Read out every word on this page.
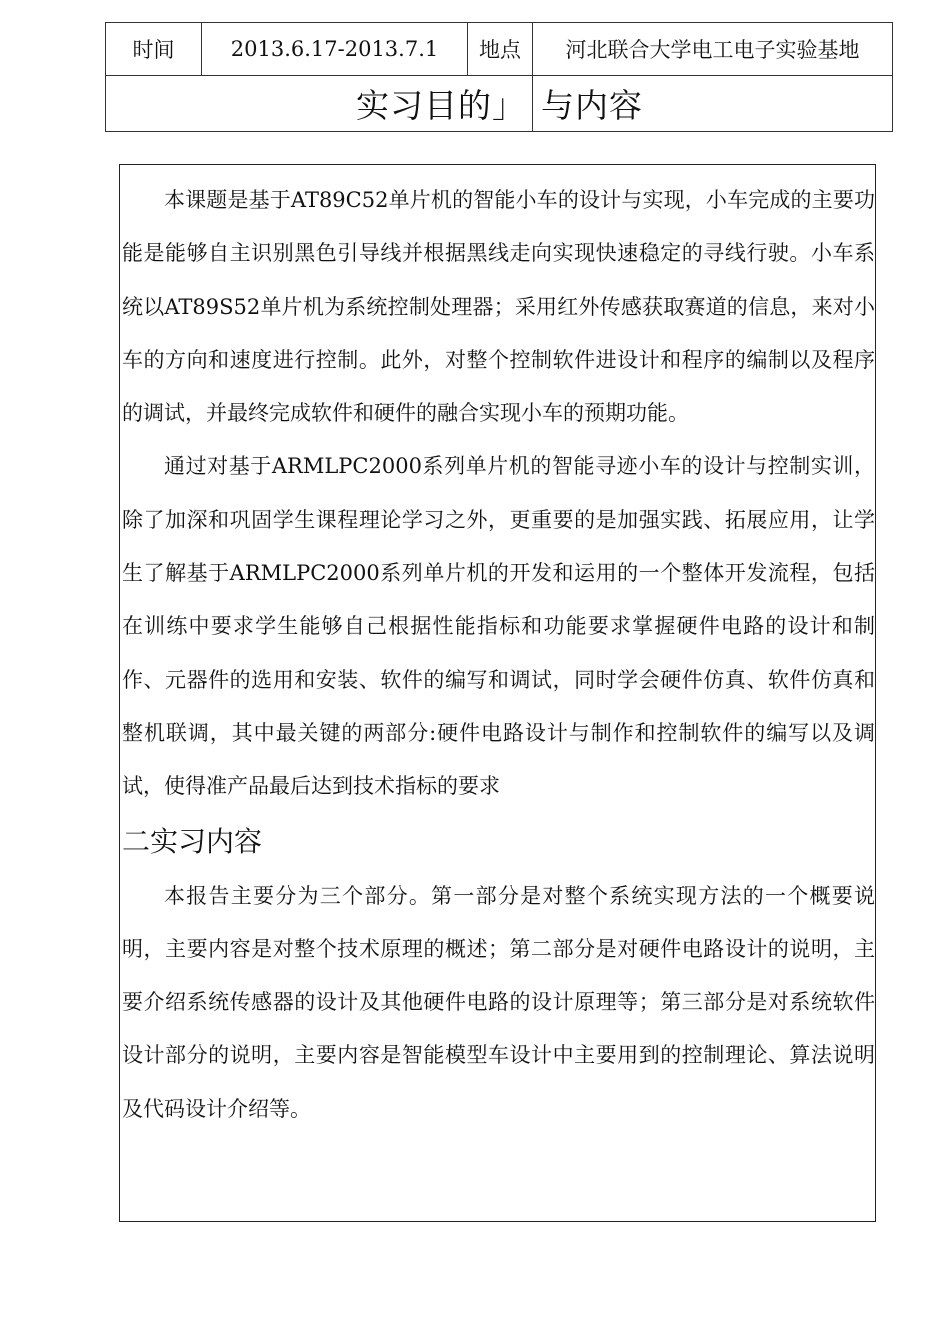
时间	2013.6.17-2013.7.1	地点	河北联合大学电工电子实验基地
实习目的」			与内容

本课题是基于AT89C52单片机的智能小车的设计与实现，小车完成的主要功能是能够自主识别黑色引导线并根据黑线走向实现快速稳定的寻线行驶。小车系统以AT89S52单片机为系统控制处理器；采用红外传感获取赛道的信息，来对小车的方向和速度进行控制。此外，对整个控制软件进设计和程序的编制以及程序的调试，并最终完成软件和硬件的融合实现小车的预期功能。

通过对基于ARMLPC2000系列单片机的智能寻迹小车的设计与控制实训，除了加深和巩固学生课程理论学习之外，更重要的是加强实践、拓展应用，让学生了解基于ARMLPC2000系列单片机的开发和运用的一个整体开发流程，包括在训练中要求学生能够自己根据性能指标和功能要求掌握硬件电路的设计和制作、元器件的选用和安装、软件的编写和调试，同时学会硬件仿真、软件仿真和整机联调，其中最关键的两部分:硬件电路设计与制作和控制软件的编写以及调试，使得准产品最后达到技术指标的要求

二实习内容

本报告主要分为三个部分。第一部分是对整个系统实现方法的一个概要说明，主要内容是对整个技术原理的概述；第二部分是对硬件电路设计的说明，主要介绍系统传感器的设计及其他硬件电路的设计原理等；第三部分是对系统软件设计部分的说明，主要内容是智能模型车设计中主要用到的控制理论、算法说明及代码设计介绍等。
